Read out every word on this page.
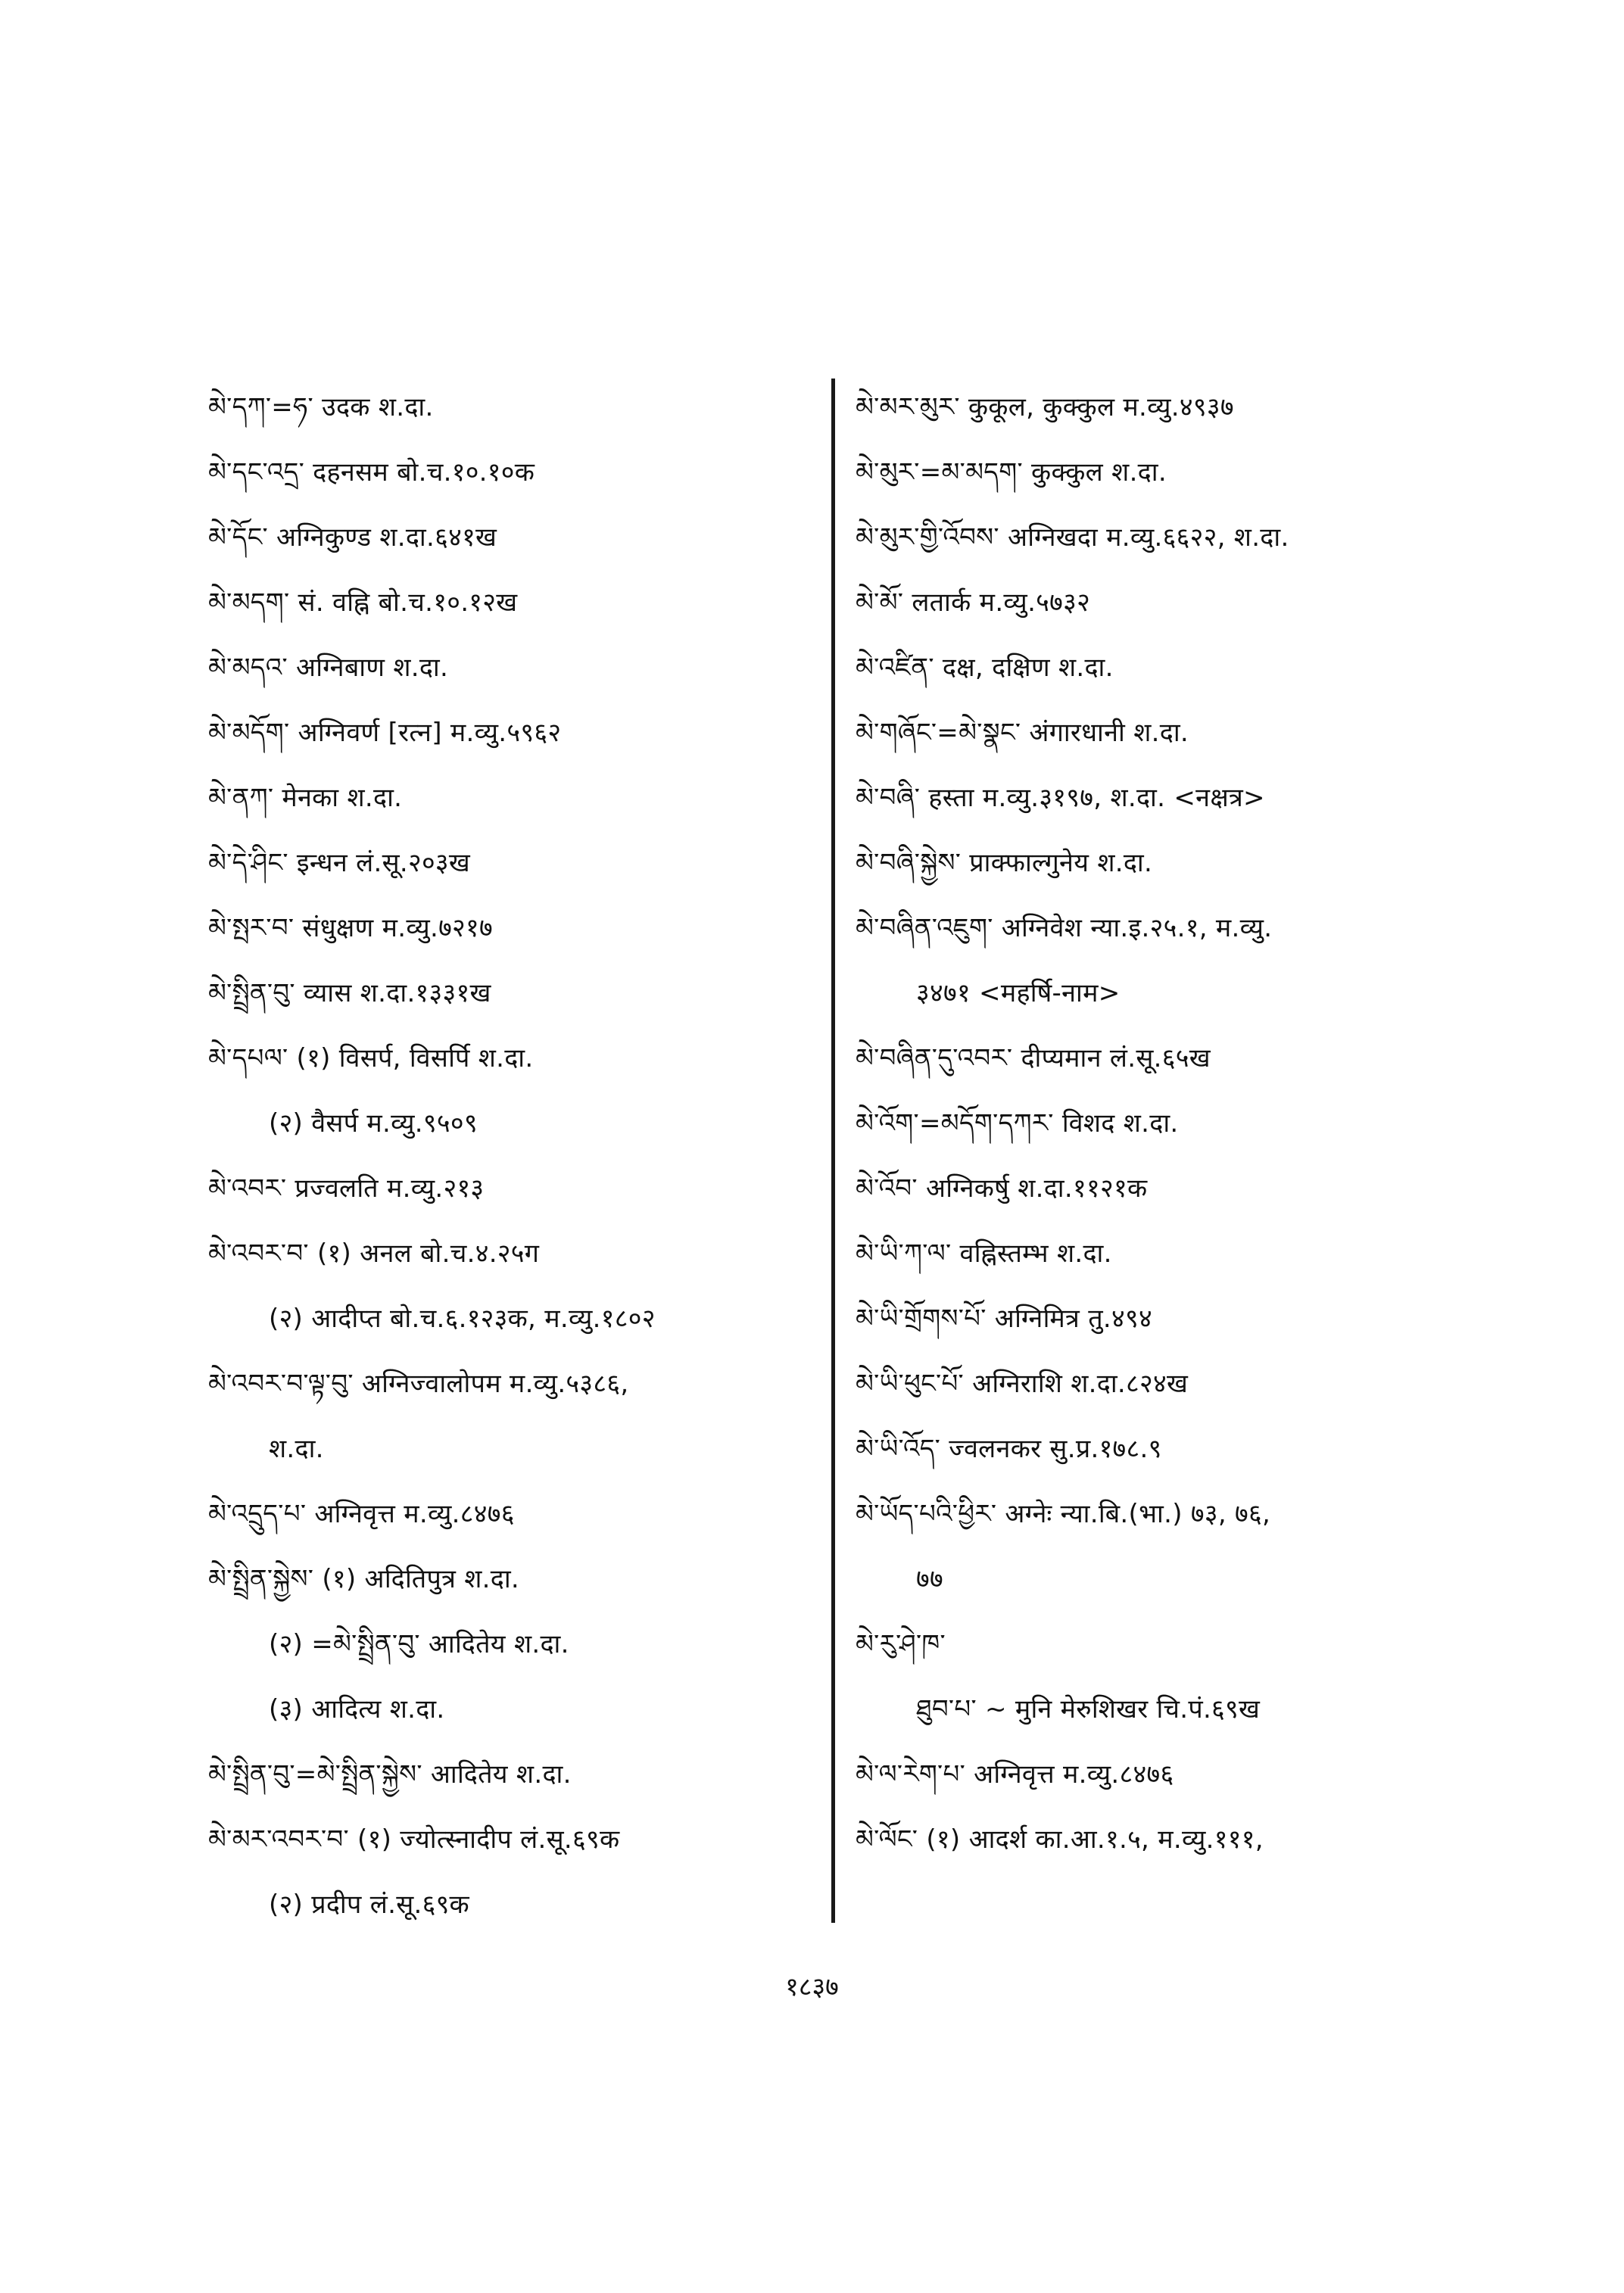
མེ་དཀ་=ཧ་ उदक श.दा.
མེ་དང་འདྲ་ दहनसम बो.च.१०.१०क
མེ་དོང་ अग्निकुण्ड श.दा.६४१ख
མེ་མདག་ सं. वह्नि बो.च.१०.१२ख
མེ་མདའ་ अग्निबाण श.दा.
མེ་མདོག་ अग्निवर्ण [रत्न] म.व्यु.५९६२
མེ་ནཀ་ मेनका श.दा.
མེ་དེ་ཤིང་ इन्धन लं.सू.२०३ख
མེ་སྤར་བ་ संधुक्षण म.व्यु.७२१७
མེ་སྤྲིན་བུ་ व्यास श.दा.१३३१ख
མེ་དཔལ་ (१) विसर्प, विसर्पि श.दा.
(२) वैसर्प म.व्यु.९५०९
མེ་འབར་ प्रज्वलति म.व्यु.२१३
མེ་འབར་བ་ (१) अनल बो.च.४.२५ग
(२) आदीप्त बो.च.६.१२३क, म.व्यु.१८०२
མེ་འབར་བ་ལྟ་བུ་ अग्निज्वालोपम म.व्यु.५३८६,
श.दा.
མེ་འདྲུད་པ་ अग्निवृत्त म.व्यु.८४७६
མེ་སྤྲིན་སྐྱེས་ (१) अदितिपुत्र श.दा.
(२) =མེ་སྤྲིན་བུ་ आदितेय श.दा.
(३) आदित्य श.दा.
མེ་སྤྲིན་བུ་=མེ་སྤྲིན་སྐྱེས་ आदितेय श.दा.
མེ་མར་འབར་བ་ (१) ज्योत्स्नादीप लं.सू.६९क
(२) प्रदीप लं.सू.६९क
མེ་མར་མུར་ कुकूल, कुक्कुल म.व्यु.४९३७
མེ་མུར་=མ་མདག་ कुक्कुल श.दा.
མེ་མུར་གྱི་འོབས་ अग्निखदा म.व्यु.६६२२, श.दा.
མེ་མོ་ लतार्क म.व्यु.५७३२
མེ་འཛིན་ दक्ष, दक्षिण श.दा.
མེ་གཞོང་=མེ་སྣང་ अंगारधानी श.दा.
མེ་བཞི་ हस्ता म.व्यु.३१९७, श.दा. <नक्षत्र>
མེ་བཞི་སྐྱེས་ प्राक्फाल्गुनेय श.दा.
མེ་བཞིན་འཇུག་ अग्निवेश न्या.इ.२५.१, म.व्यु.
३४७१ <महर्षि-नाम>
མེ་བཞིན་དུ་འབར་ दीप्यमान लं.सू.६५ख
མེ་འོག་=མདོག་དཀར་ विशद श.दा.
མེ་འོབ་ अग्निकर्षु श.दा.११२१क
མེ་ཡི་ཀ་ལ་ वह्निस्तम्भ श.दा.
མེ་ཡི་གྲོགས་པོ་ अग्निमित्र तु.४९४
མེ་ཡི་ཕུང་པོ་ अग्निराशि श.दा.८२४ख
མེ་ཡི་འོད་ ज्वलनकर सु.प्र.१७८.९
མེ་ཡོད་པའི་ཕྱིར་ अग्नेः न्या.बि.(भा.) ७३, ७६,
७७
མེ་རུ་ཤེ་ཁ་
ཐུབ་པ་ ~ मुनि मेरुशिखर चि.पं.६९ख
མེ་ལ་རེག་པ་ अग्निवृत्त म.व्यु.८४७६
མེ་ལོང་ (१) आदर्श का.आ.१.५, म.व्यु.१११,
१८३७
